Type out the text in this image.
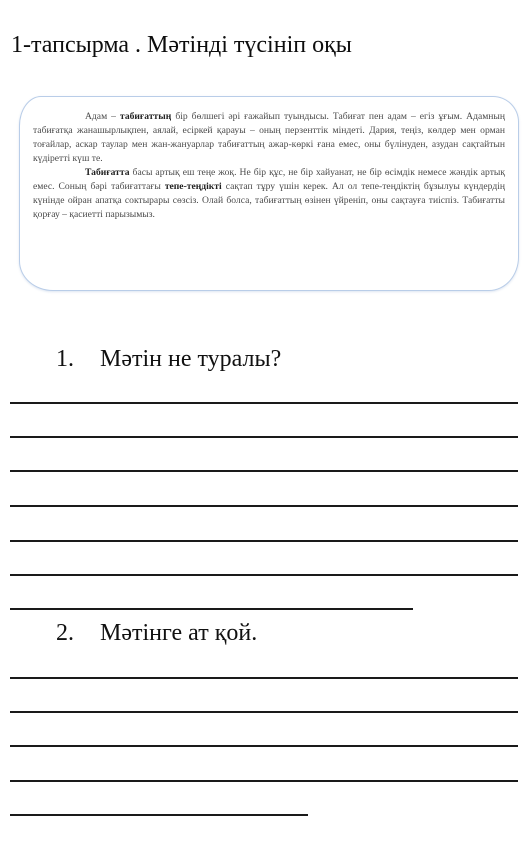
1-тапсырма . Мәтінді түсініп оқы

Адам – табиғаттың бір бөлшегі әрі ғажайып туындысы. Табиғат пен адам – егіз ұғым. Адамның табиғатқа жанашырлықпен, аялай, есіркей қарауы – оның перзенттік міндеті. Дария, теңіз, көлдер мен орман тоғайлар, аскар таулар мен жан-жануарлар табиғаттың ажар-көркі ғана емес, оны бүлінуден, азудан сақтайтын күдіретті күш те.

Табиғатта басы артық еш теңе жоқ. Не бір құс, не бір хайуанат, не бір өсімдік немесе жәндік артық емес. Соның бәрі табиғаттағы тепе-теңдікті сақтап тұру үшін керек. Ал ол тепе-теңдіктің бұзылуы күндердің күнінде ойран апатқа соктырары сөзсіз. Олай болса, табиғаттың өзінен үйреніп, оны сақтауға тиіспіз. Табиғатты қорғау – қасиетті парызымыз.

1. Мәтін не туралы?
2. Мәтінге ат қой.
